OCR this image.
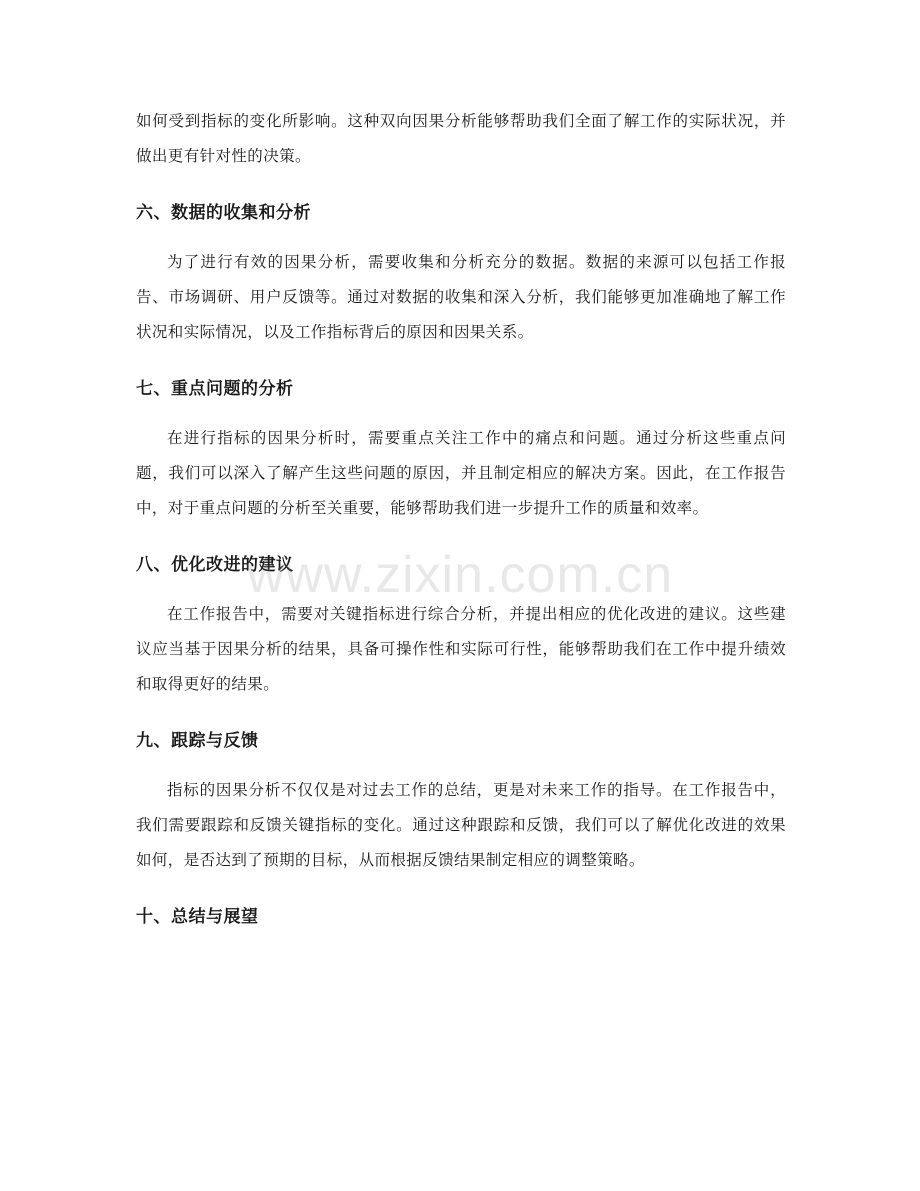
如何受到指标的变化所影响。这种双向因果分析能够帮助我们全面了解工作的实际状况，并做出更有针对性的决策。

六、数据的收集和分析

为了进行有效的因果分析，需要收集和分析充分的数据。数据的来源可以包括工作报告、市场调研、用户反馈等。通过对数据的收集和深入分析，我们能够更加准确地了解工作状况和实际情况，以及工作指标背后的原因和因果关系。

七、重点问题的分析

在进行指标的因果分析时，需要重点关注工作中的痛点和问题。通过分析这些重点问题，我们可以深入了解产生这些问题的原因，并且制定相应的解决方案。因此，在工作报告中，对于重点问题的分析至关重要，能够帮助我们进一步提升工作的质量和效率。

八、优化改进的建议

在工作报告中，需要对关键指标进行综合分析，并提出相应的优化改进的建议。这些建议应当基于因果分析的结果，具备可操作性和实际可行性，能够帮助我们在工作中提升绩效和取得更好的结果。

九、跟踪与反馈

指标的因果分析不仅仅是对过去工作的总结，更是对未来工作的指导。在工作报告中，我们需要跟踪和反馈关键指标的变化。通过这种跟踪和反馈，我们可以了解优化改进的效果如何，是否达到了预期的目标，从而根据反馈结果制定相应的调整策略。

十、总结与展望
www.zixin.com.cn
